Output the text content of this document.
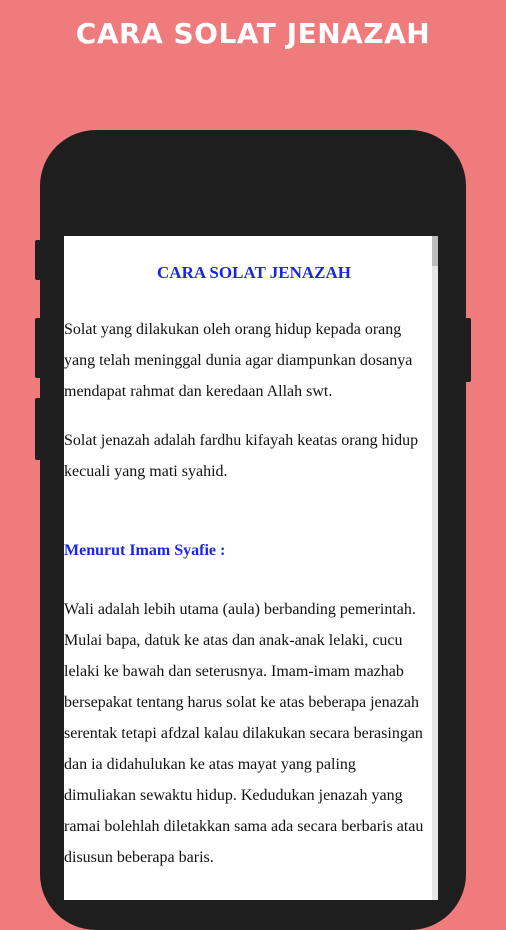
CARA SOLAT JENAZAH
CARA SOLAT JENAZAH

Solat yang dilakukan oleh orang hidup kepada orang
yang telah meninggal dunia agar diampunkan dosanya
mendapat rahmat dan keredaan Allah swt.

Solat jenazah adalah fardhu kifayah keatas orang hidup
kecuali yang mati syahid.

Menurut Imam Syafie :

Wali adalah lebih utama (aula) berbanding pemerintah.
Mulai bapa, datuk ke atas dan anak-anak lelaki, cucu
lelaki ke bawah dan seterusnya. Imam-imam mazhab
bersepakat tentang harus solat ke atas beberapa jenazah
serentak tetapi afdzal kalau dilakukan secara berasingan
dan ia didahulukan ke atas mayat yang paling
dimuliakan sewaktu hidup. Kedudukan jenazah yang
ramai bolehlah diletakkan sama ada secara berbaris atau
disusun beberapa baris.
